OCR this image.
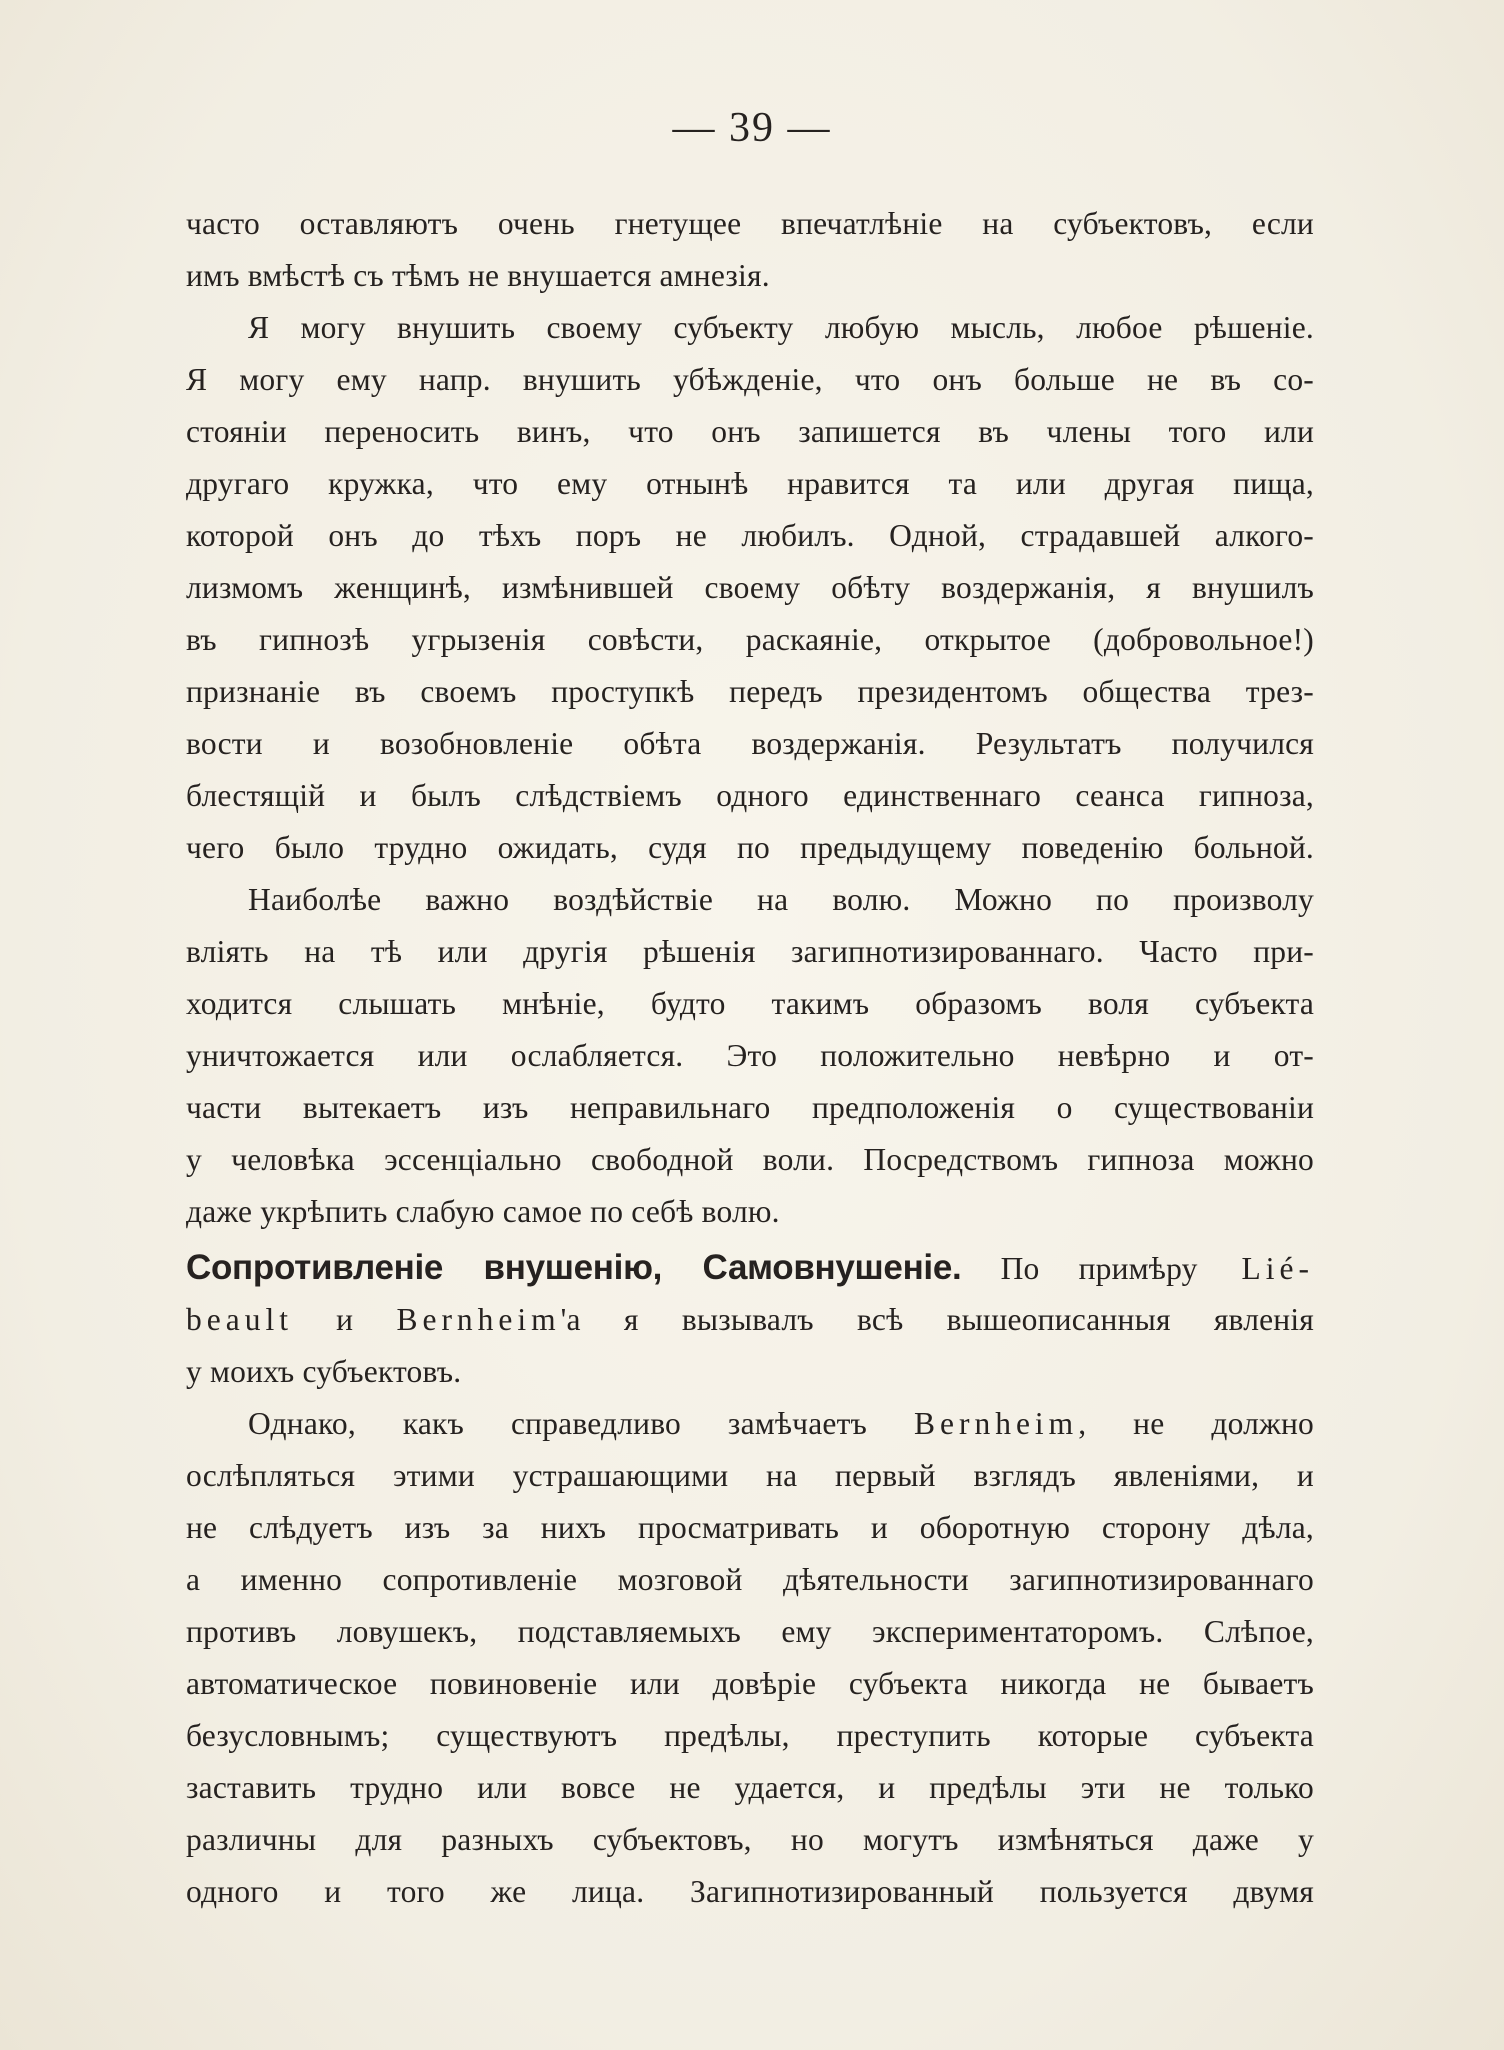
— 39 —
часто оставляютъ очень гнетущее впечатлѣніе на субъектовъ, если
имъ вмѣстѣ съ тѣмъ не внушается амнезія.
Я могу внушить своему субъекту любую мысль, любое рѣшеніе.
Я могу ему напр. внушить убѣжденіе, что онъ больше не въ со-
стояніи переносить винъ, что онъ запишется въ члены того или
другаго кружка, что ему отнынѣ нравится та или другая пища,
которой онъ до тѣхъ поръ не любилъ. Одной, страдавшей алкого-
лизмомъ женщинѣ, измѣнившей своему обѣту воздержанія, я внушилъ
въ гипнозѣ угрызенія совѣсти, раскаяніе, открытое (добровольное!)
признаніе въ своемъ проступкѣ передъ президентомъ общества трез-
вости и возобновленіе обѣта воздержанія. Результатъ получился
блестящій и былъ слѣдствіемъ одного единственнаго сеанса гипноза,
чего было трудно ожидать, судя по предыдущему поведенію больной.
Наиболѣе важно воздѣйствіе на волю. Можно по произволу
вліять на тѣ или другія рѣшенія загипнотизированнаго. Часто при-
ходится слышать мнѣніе, будто такимъ образомъ воля субъекта
уничтожается или ослабляется. Это положительно невѣрно и от-
части вытекаетъ изъ неправильнаго предположенія о существованіи
у человѣка эссенціально свободной воли. Посредствомъ гипноза можно
даже укрѣпить слабую самое по себѣ волю.
Сопротивленіе внушенію, Самовнушеніе. По примѣру Lié-
beault и Bernheim'а я вызывалъ всѣ вышеописанныя явленія
у моихъ субъектовъ.
Однако, какъ справедливо замѣчаетъ Bernheim, не должно
ослѣпляться этими устрашающими на первый взглядъ явленіями, и
не слѣдуетъ изъ за нихъ просматривать и оборотную сторону дѣла,
а именно сопротивленіе мозговой дѣятельности загипнотизированнаго
противъ ловушекъ, подставляемыхъ ему экспериментаторомъ. Слѣпое,
автоматическое повиновеніе или довѣріе субъекта никогда не бываетъ
безусловнымъ; существуютъ предѣлы, преступить которые субъекта
заставить трудно или вовсе не удается, и предѣлы эти не только
различны для разныхъ субъектовъ, но могутъ измѣняться даже у
одного и того же лица. Загипнотизированный пользуется двумя
